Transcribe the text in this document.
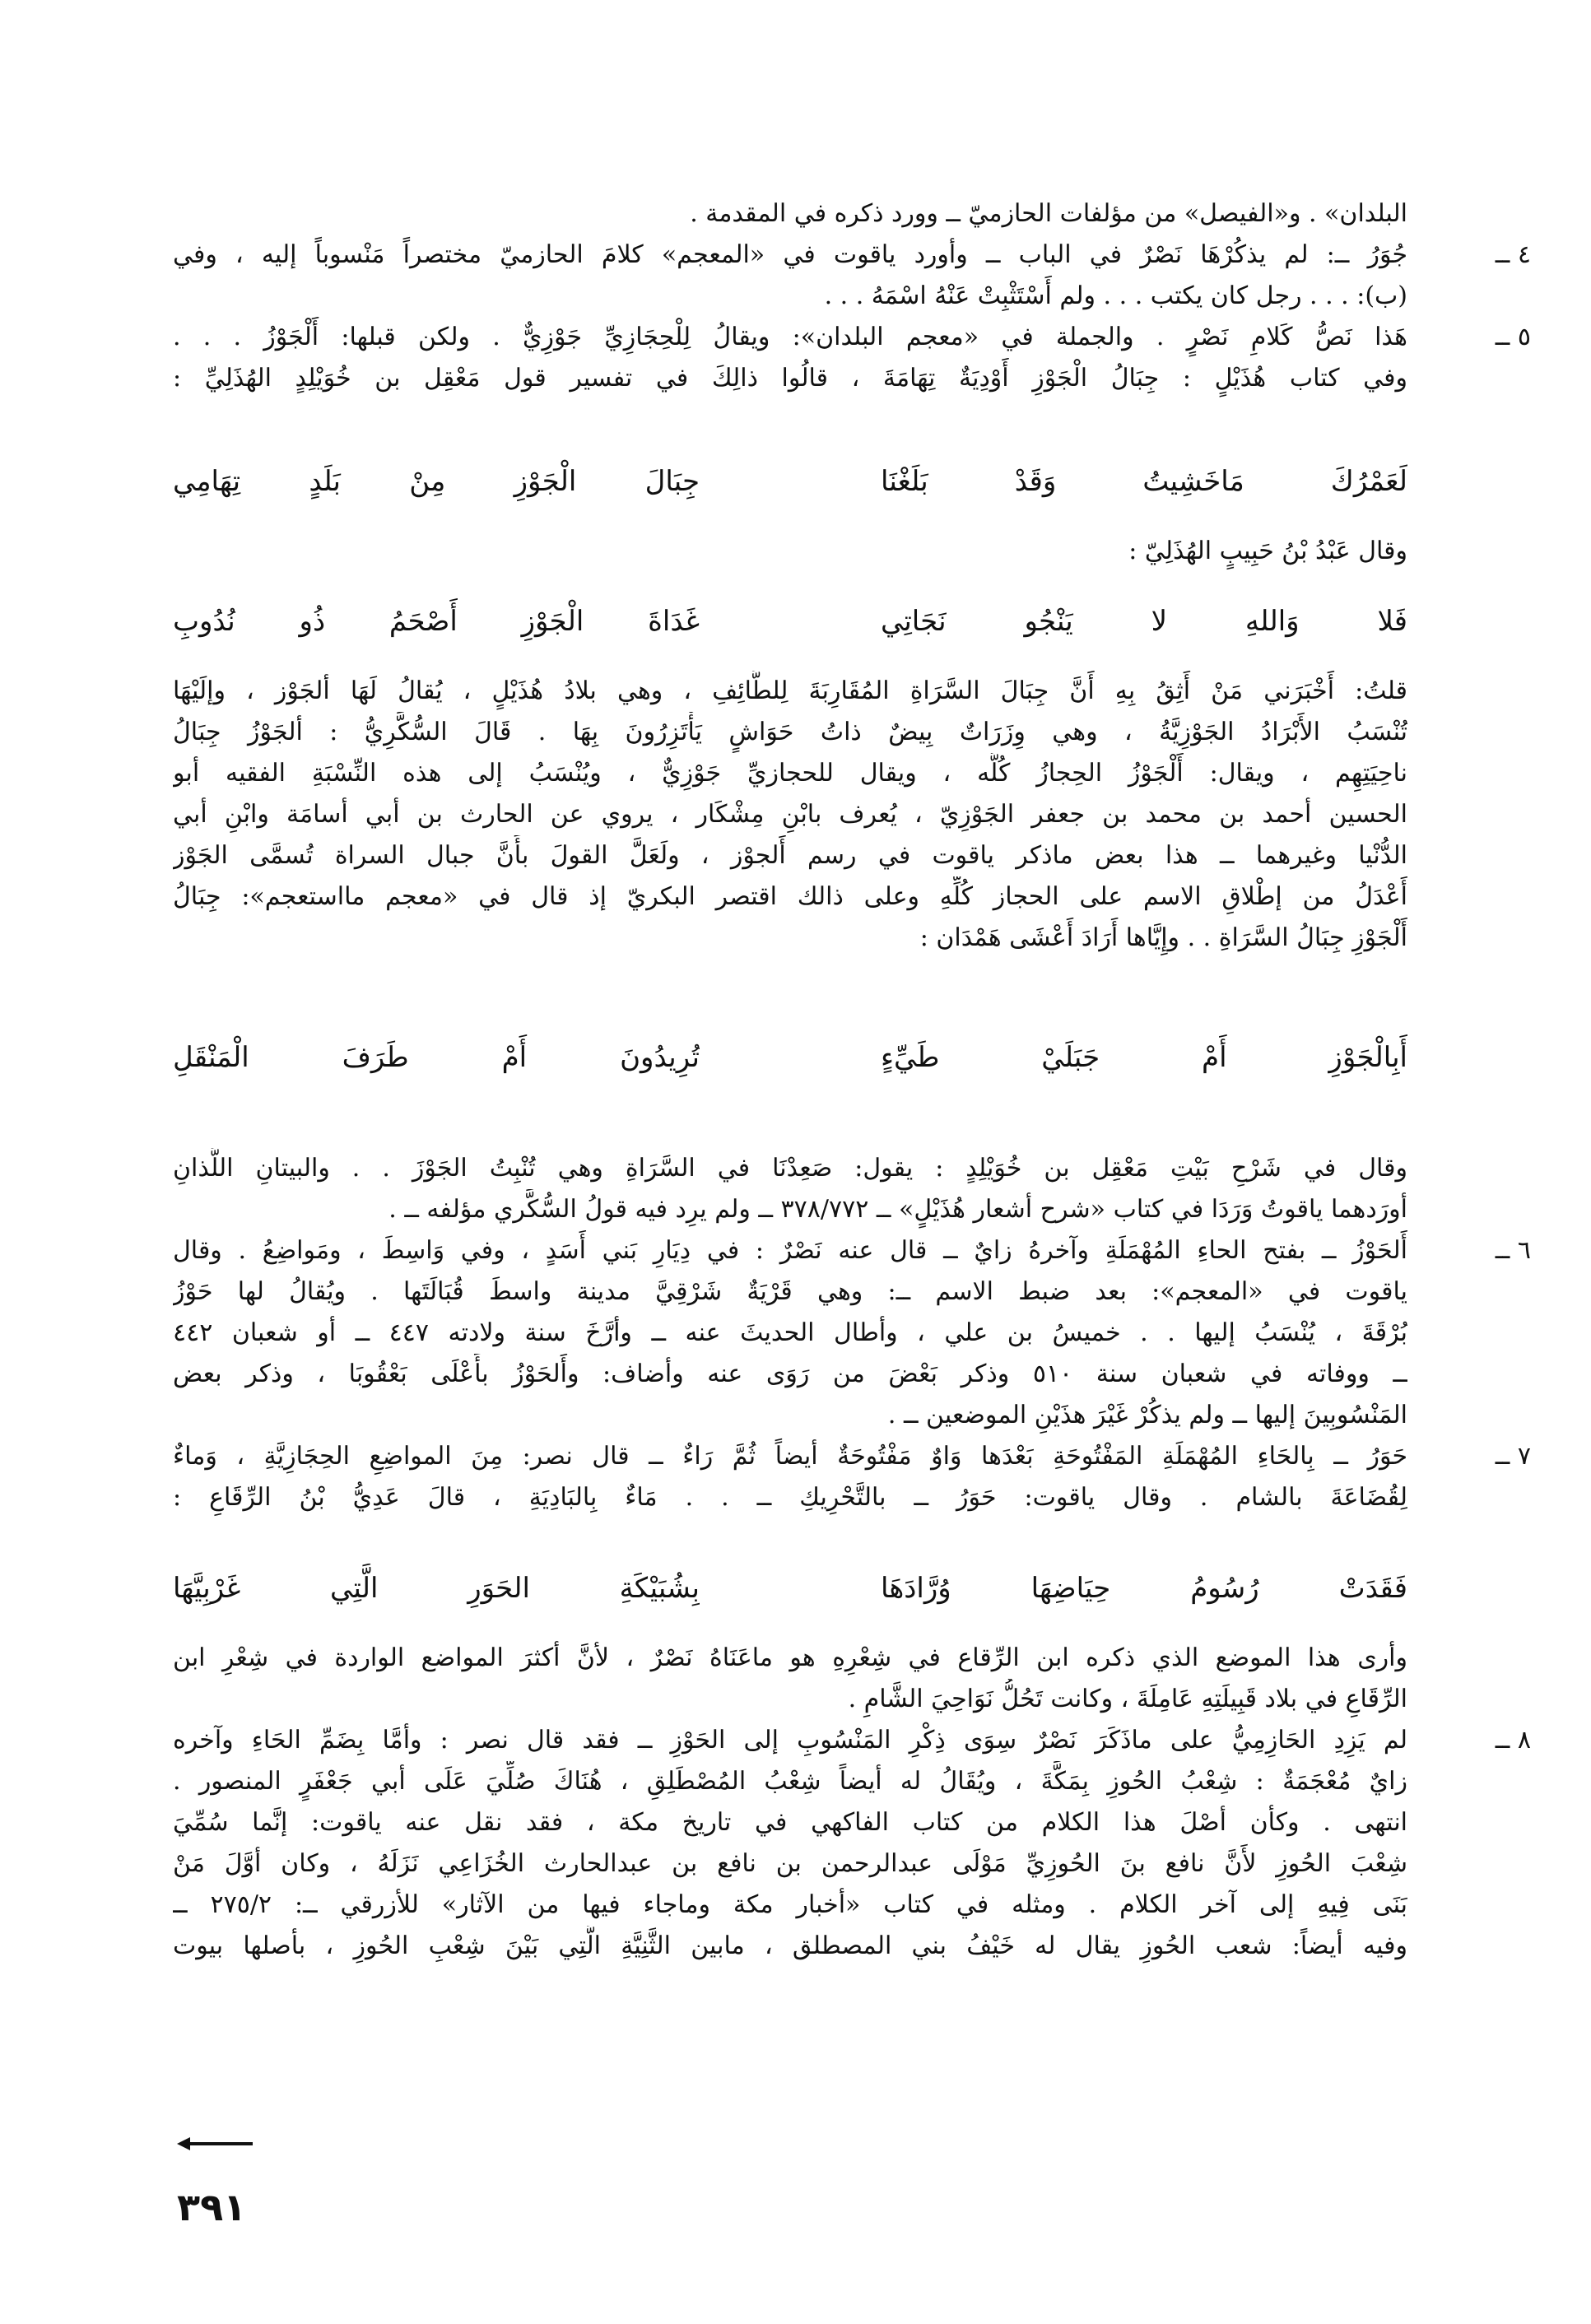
البلدان» . و«الفيصل» من مؤلفات الحازميّ ــ وورد ذكره في المقدمة .
جُوَرُ ــ: لم يذكُرْهَا نَصْرٌ في الباب ــ وأورد ياقوت في «المعجم» كلامَ الحازميّ مختصراً مَنْسوباً إليه ، وفي
(ب): . . . رجل كان يكتب . . . ولم أَسْتَثْبِتْ عَنْهُ اسْمَهُ . . .
هَذا نَصُّ كَلامِ نَصْرٍ . والجملة في «معجم البلدان»: ويقالُ لِلْحِجَازِيِّ جَوْزِيٌّ . ولكن قبلها: أَلْجَوْزُ . . .
وفي كتاب هُذَيْلٍ : جِبَالُ الْجَوْزِ أَوْدِيَةٌ تِهَامَةَ ، قالُوا ذالِكَ في تفسير قول مَعْقِل بن خُوَيْلِدٍ الهُذَلِيِّ :
٤ ــ
٥ ــ
لَعَمْرُكَ مَاخَشِيتُ وَقَدْ بَلَغْنَا
جِبَالَ الْجَوْزِ مِنْ بَلَدٍ تِهَامِي
وقال عَبْدُ بْنُ حَبِيبٍ الهُذَلِيّ :
فَلا وَاللهِ لا يَنْجُو نَجَاتِي
غَدَاةَ الْجَوْزِ أَصْحَمُ ذُو نُدُوبِ
قلتُ: أَخْبَرَني مَنْ أَثِقُ بِهِ أَنَّ جِبَالَ السَّرَاةِ المُقَارِبَةَ لِلطَّائِفِ ، وهي بلادُ هُذَيْلٍ ، يُقالُ لَهَا ألجَوْز ، وإلَيْهَا
تُنْسَبُ الأَبْرَادُ الجَوْزِيَّةُ ، وهي وِزَرَاتٌ بِيضٌ ذاتُ حَوَاشٍ يَأْتَزِرُونَ بِهَا . قَالَ السُّكَّرِيُّ : ألجَوْزُ جِبَالُ
ناحِيَتِهِم ، ويقال: أَلْجَوْزُ الحِجازُ كُلُّه ، ويقال للحجازيِّ جَوْزِيٌّ ، ويُنْسَبُ إلى هذه النِّسْبَةِ الفقيه أبو
الحسين أحمد بن محمد بن جعفر الجَوْزِيّ ، يُعرف بابْنِ مِشْكَار ، يروي عن الحارث بن أبي أسامَة وابْنِ أبي
الدُّنْيا وغيرهما ــ هذا بعض ماذكر ياقوت في رسم أَلجوْز ، ولَعَلَّ القولَ بأَنَّ جبال السراة تُسمَّى الجَوْز
أَعْدَلُ من إطْلاقِ الاسم على الحجاز كُلِّهِ وعلى ذالك اقتصر البكريّ إذ قال في «معجم مااستعجم»: جِبَالُ
أَلْجَوْزِ جِبَالُ السَّرَاةِ . . وإِيَّاها أَرَادَ أَعْشَى هَمْدَان :
أَبِالْجَوْزِ أَمْ جَبَلَيْ طَيِّءٍ
تُرِيدُونَ أَمْ طَرَفَ الْمَنْقَلِ
وقال في شَرْحِ بَيْتِ مَعْقِل بن خُوَيْلِدٍ : يقول: صَعِدْنَا في السَّرَاةِ وهي تُنْبِتُ الجَوْزَ . . والبيتانِ اللَّذانِ
أورَدهما ياقوتُ وَرَدَا في كتاب «شرح أشعار هُذَيْلٍ» ــ ٣٧٨/٧٧٢ ــ ولم يرِد فيه قولُ السُّكَّري مؤلفه ــ .
أَلحَوْزُ ــ بفتح الحاءِ المُهْمَلَةِ وآخرهُ زايٌ ــ قال عنه نَصْرٌ : في دِيَارِ بَني أَسَدٍ ، وفي وَاسِطَ ، ومَواضِعُ . وقال
ياقوت في «المعجم»: بعد ضبط الاسم ــ: وهي قَرْيَةٌ شَرْقِيَّ مدينة واسطَ قُبَالَتَها . ويُقالُ لها حَوْزُ
بُرْقَةَ ، يُنْسَبُ إليها . . خميسُ بن علي ، وأطال الحديثَ عنه ــ وأرَّخَ سنة ولادته ٤٤٧ ــ أو شعبان ٤٤٢
ــ ووفاته في شعبان سنة ٥١٠ وذكر بَعْضَ من رَوَى عنه وأضاف: وأَلحَوْزُ بأَعْلَى بَعْقُوبَا ، وذكر بعض
المَنْسُوبِينَ إليها ــ ولم يذكُرْ غَيْرَ هذَيْنِ الموضعين ــ .
حَوَرُ ــ بِالحَاءِ المُهْمَلَةِ المَفْتُوحَةِ بَعْدَها وَاوٌ مَفْتُوحَةٌ أيضاً ثُمَّ رَاءٌ ــ قال نصر: مِنَ المواضِعِ الحِجَازِيَّةِ ، وَماءٌ
لِقُضَاعَةَ بالشام . وقال ياقوت: حَوَرُ ــ بالتَّحْرِيكِ ــ . . مَاءٌ بِالبَادِيَةِ ، قالَ عَدِيُّ بْنُ الرِّقَاعِ :
٦ ــ
٧ ــ
فَقَدَتْ رُسُومُ حِيَاضِهَا وُرَّادَهَا
بِشُبَيْكَةِ الحَوَرِ الَّتِي غَرْبِيَّهَا
وأرى هذا الموضع الذي ذكره ابن الرِّقاع في شِعْرِهِ هو ماعَنَاهُ نَصْرٌ ، لأنَّ أكثرَ المواضع الواردة في شِعْرِ ابن
الرِّقَاعِ في بلاد قَبِيلَتِهِ عَامِلَةَ ، وكانت تَحُلُّ نَوَاحِيَ الشَّامِ .
لم يَزِدِ الحَازِمِيُّ على ماذَكَرَ نَصْرٌ سِوَى ذِكْرِ المَنْسُوبِ إلى الحَوْزِ ــ فقد قال نصر : وأمَّا بِضَمِّ الحَاءِ وآخره
زايٌ مُعْجَمَةٌ : شِعْبُ الحُوزِ بِمَكَّةَ ، ويُقَالُ له أيضاً شِعْبُ المُصْطَلِقِ ، هُنَاكَ صُلِّيَ عَلَى أبي جَعْفَرٍ المنصور .
انتهى . وكأن أصْلَ هذا الكلام من كتاب الفاكهي في تاريخ مكة ، فقد نقل عنه ياقوت: إنَّما سُمِّيَ
شِعْبَ الحُوزِ لأَنَّ نافع بنَ الحُوزِيِّ مَوْلَى عبدالرحمن بن نافع بن عبدالحارث الخُزَاعِي نَزَلَهُ ، وكان أوَّلَ مَنْ
بَنَى فِيهِ إلى آخر الكلام . ومثله في كتاب «أخبار مكة وماجاء فيها من الآثار» للأزرقي ــ: ٢٧٥/٢ ــ
وفيه أيضاً: شعب الحُوزِ يقال له خَيْفُ بني المصطلق ، مابين الثَّنِيَّةِ الَّتِي بَيْنَ شِعْبِ الحُوزِ ، بأصلها بيوت
٨ ــ
٣٩١
